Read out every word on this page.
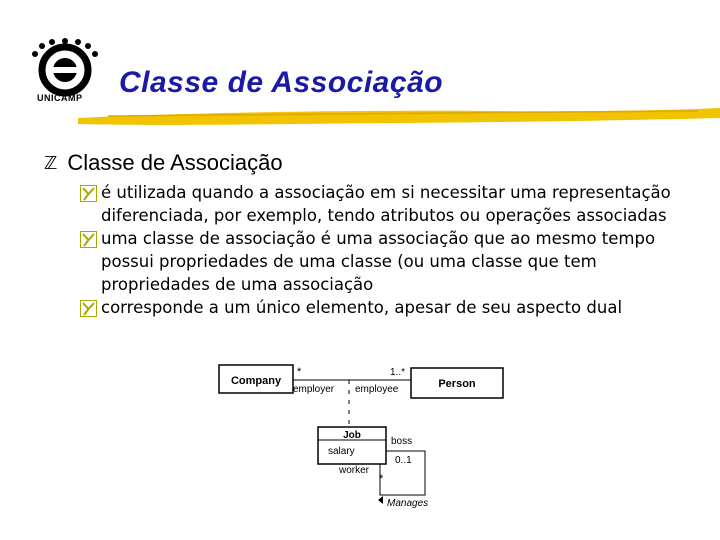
UNICAMP Classe de Associação
ℤ Classe de Associação
é utilizada quando a associação em si necessitar uma representação diferenciada, por exemplo, tendo atributos ou operações associadas
uma classe de associação é uma associação que ao mesmo tempo possui propriedades de uma classe (ou uma classe que tem propriedades de uma associação
corresponde a um único elemento, apesar de seu aspecto dual
Company	Person
*	1..*
employer employee
Job
salary
boss
0..1
worker
*
Manages
